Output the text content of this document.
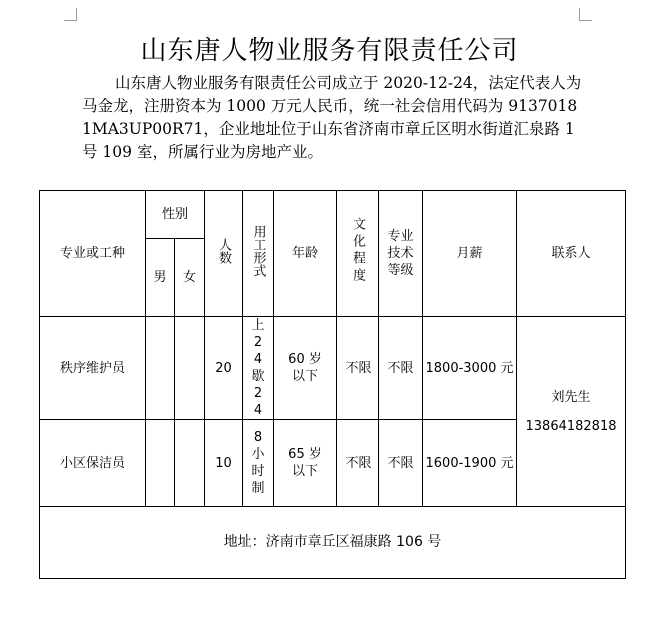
山东唐人物业服务有限责任公司
山东唐人物业服务有限责任公司成立于 2020-12-24，法定代表人为马金龙，注册资本为 1000 万元人民币，统一社会信用代码为 91370181MA3UP00R71，企业地址位于山东省济南市章丘区明水街道汇泉路 1 号 109 室，所属行业为房地产业。
专业或工种	性别		人数	用工形式	年龄	文化程度	专业技术等级	月薪	联系人
	男	女							
秩序维护员			20	上24歇24	60 岁以下	不限	不限	1800-3000 元	刘先生
13864182818

小区保洁员			10	8小时制	65 岁以下	不限	不限	1600-1900 元	
地址：济南市章丘区福康路 106 号									
